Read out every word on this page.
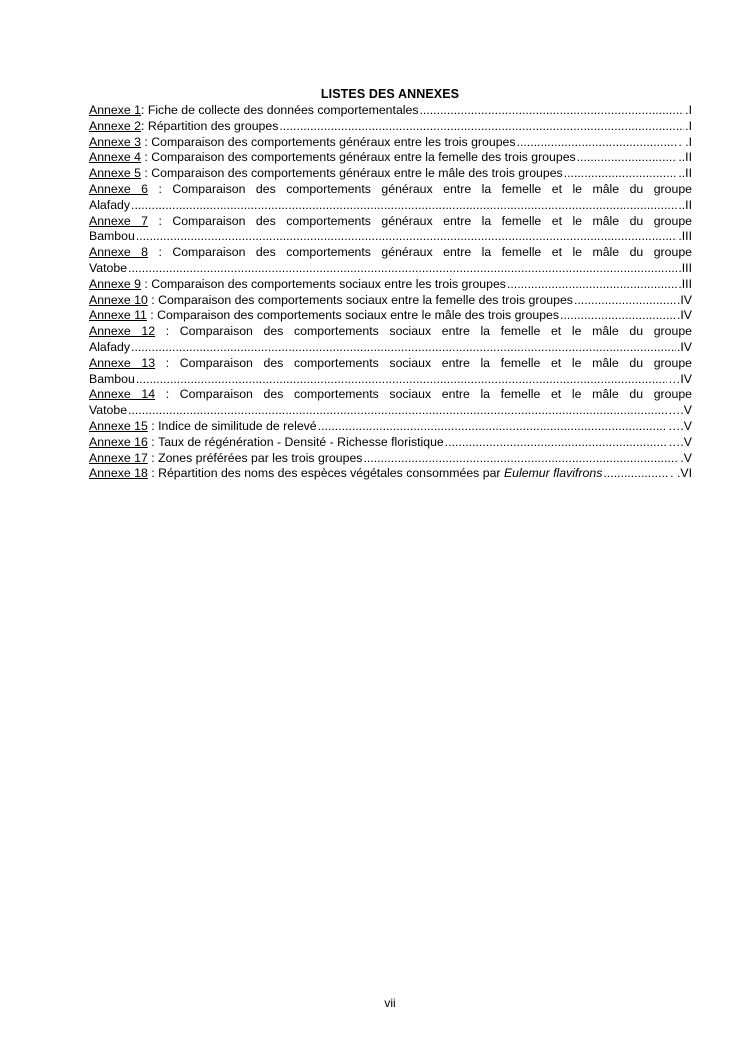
LISTES DES ANNEXES
Annexe 1 : Fiche de collecte des données comportementales .....	.I
Annexe 2 : Répartition des groupes .....	.I
Annexe 3 : Comparaison des comportements généraux entre les trois groupes .....	. .I
Annexe 4 : Comparaison des comportements généraux entre la femelle des trois groupes .....	..II
Annexe 5 : Comparaison des comportements généraux entre le mâle des trois groupes .....	..II
Annexe 6 : Comparaison des comportements généraux entre la femelle et le mâle du groupe
Alafady .....	..II
Annexe 7 : Comparaison des comportements généraux entre la femelle et le mâle du groupe
Bambou .....	.III
Annexe 8 : Comparaison des comportements généraux entre la femelle et le mâle du groupe
Vatobe .....	.III
Annexe 9 : Comparaison des comportements sociaux entre les trois groupes .....	.III
Annexe 10 : Comparaison des comportements sociaux entre la femelle des trois groupes .....	.IV
Annexe 11 : Comparaison des comportements sociaux entre le mâle des trois groupes .....	.IV
Annexe 12 : Comparaison des comportements sociaux entre la femelle et le mâle du groupe
Alafady .....	.IV
Annexe 13 : Comparaison des comportements sociaux entre la femelle et le mâle du groupe
Bambou .....	…IV
Annexe 14 : Comparaison des comportements sociaux entre la femelle et le mâle du groupe
Vatobe .....	….V
Annexe 15 : Indice de similitude de relevé .....	….V
Annexe 16 : Taux de régénération - Densité - Richesse floristique .....	….V
Annexe 17 : Zones préférées par les trois groupes .....	.V
Annexe 18 : Répartition des noms des espèces végétales consommées par Eulemur flavifrons .....	. .VI
vii
